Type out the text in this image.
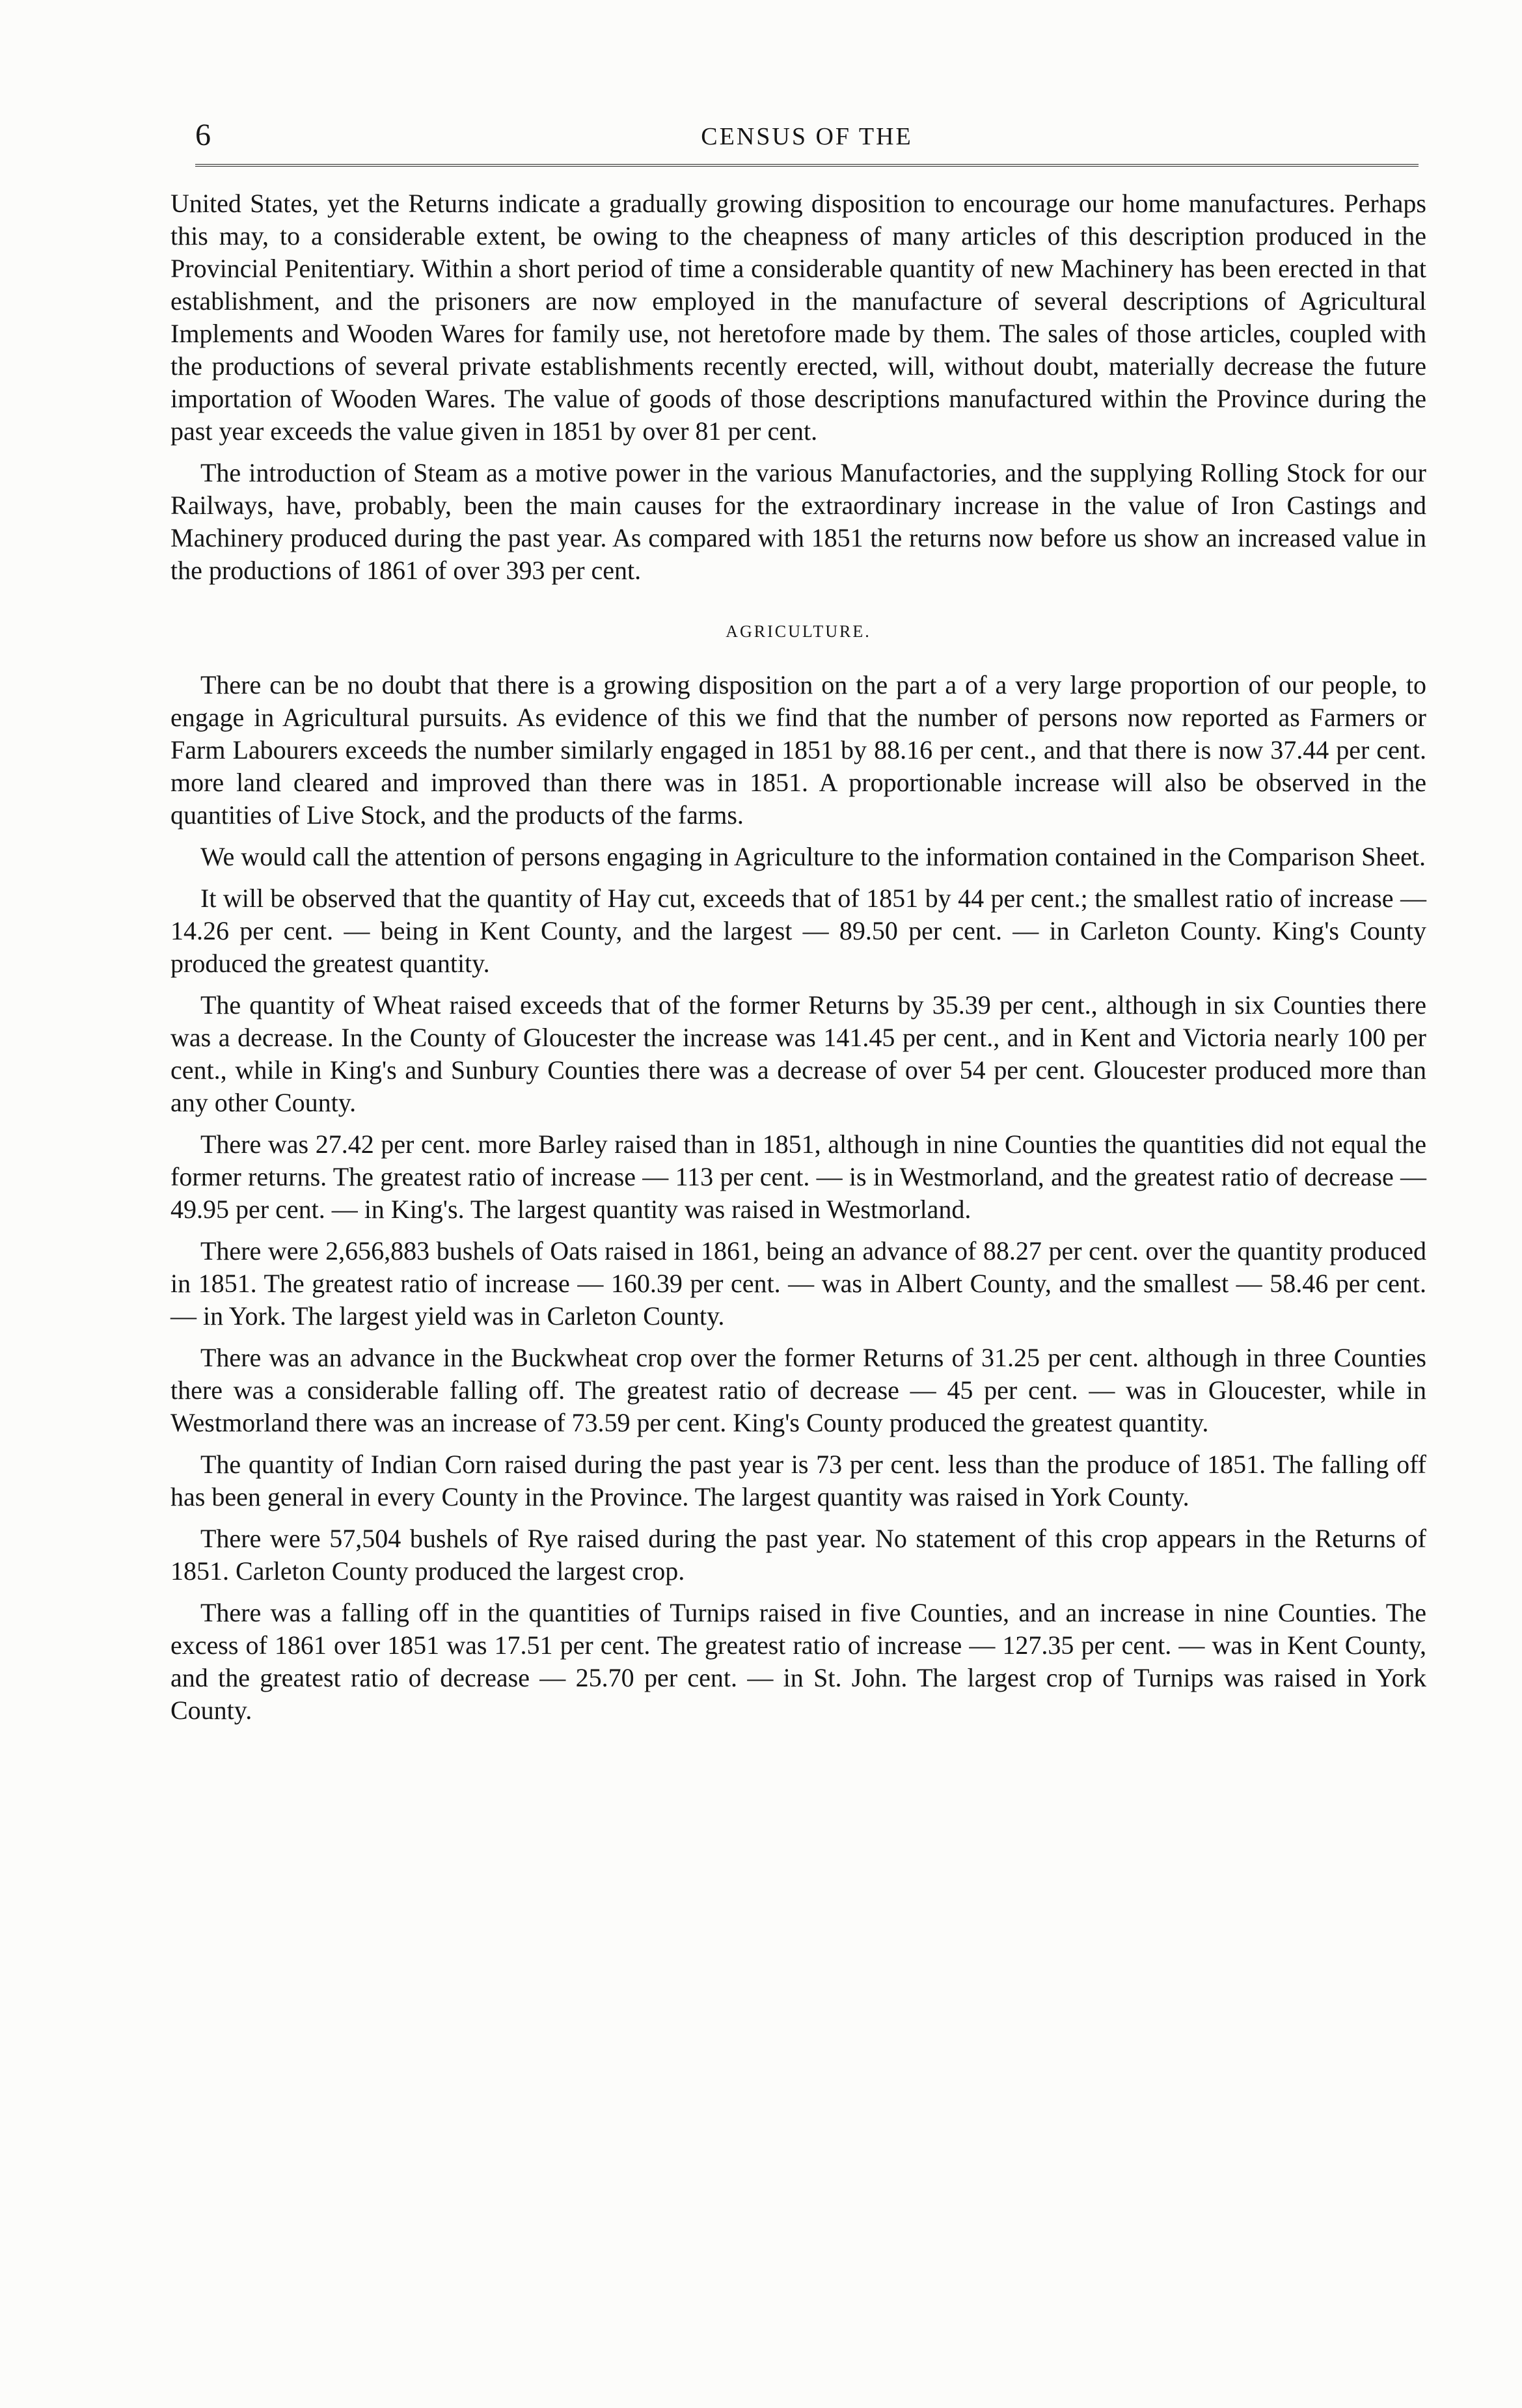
6	CENSUS OF THE

United States, yet the Returns indicate a gradually growing disposition to encourage our home manufactures. Perhaps this may, to a considerable extent, be owing to the cheapness of many articles of this description produced in the Provincial Penitentiary. Within a short period of time a considerable quantity of new Machinery has been erected in that establishment, and the prisoners are now employed in the manufacture of several descriptions of Agricultural Implements and Wooden Wares for family use, not heretofore made by them. The sales of those articles, coupled with the productions of several private establishments recently erected, will, without doubt, materially decrease the future importation of Wooden Wares. The value of goods of those descriptions manufactured within the Province during the past year exceeds the value given in 1851 by over 81 per cent.

The introduction of Steam as a motive power in the various Manufactories, and the supplying Rolling Stock for our Railways, have, probably, been the main causes for the extraordinary increase in the value of Iron Castings and Machinery produced during the past year. As compared with 1851 the returns now before us show an increased value in the productions of 1861 of over 393 per cent.

AGRICULTURE.

There can be no doubt that there is a growing disposition on the part a of a very large proportion of our people, to engage in Agricultural pursuits. As evidence of this we find that the number of persons now reported as Farmers or Farm Labourers exceeds the number similarly engaged in 1851 by 88.16 per cent., and that there is now 37.44 per cent. more land cleared and improved than there was in 1851. A proportionable increase will also be observed in the quantities of Live Stock, and the products of the farms.

We would call the attention of persons engaging in Agriculture to the information contained in the Comparison Sheet.

It will be observed that the quantity of Hay cut, exceeds that of 1851 by 44 per cent.; the smallest ratio of increase — 14.26 per cent. — being in Kent County, and the largest — 89.50 per cent. — in Carleton County. King's County produced the greatest quantity.

The quantity of Wheat raised exceeds that of the former Returns by 35.39 per cent., although in six Counties there was a decrease. In the County of Gloucester the increase was 141.45 per cent., and in Kent and Victoria nearly 100 per cent., while in King's and Sunbury Counties there was a decrease of over 54 per cent. Gloucester produced more than any other County.

There was 27.42 per cent. more Barley raised than in 1851, although in nine Counties the quantities did not equal the former returns. The greatest ratio of increase — 113 per cent. — is in Westmorland, and the greatest ratio of decrease — 49.95 per cent. — in King's. The largest quantity was raised in Westmorland.

There were 2,656,883 bushels of Oats raised in 1861, being an advance of 88.27 per cent. over the quantity produced in 1851. The greatest ratio of increase — 160.39 per cent. — was in Albert County, and the smallest — 58.46 per cent. — in York. The largest yield was in Carleton County.

There was an advance in the Buckwheat crop over the former Returns of 31.25 per cent. although in three Counties there was a considerable falling off. The greatest ratio of decrease — 45 per cent. — was in Gloucester, while in Westmorland there was an increase of 73.59 per cent. King's County produced the greatest quantity.

The quantity of Indian Corn raised during the past year is 73 per cent. less than the produce of 1851. The falling off has been general in every County in the Province. The largest quantity was raised in York County.

There were 57,504 bushels of Rye raised during the past year. No statement of this crop appears in the Returns of 1851. Carleton County produced the largest crop.

There was a falling off in the quantities of Turnips raised in five Counties, and an increase in nine Counties. The excess of 1861 over 1851 was 17.51 per cent. The greatest ratio of increase — 127.35 per cent. — was in Kent County, and the greatest ratio of decrease — 25.70 per cent. — in St. John. The largest crop of Turnips was raised in York County.
